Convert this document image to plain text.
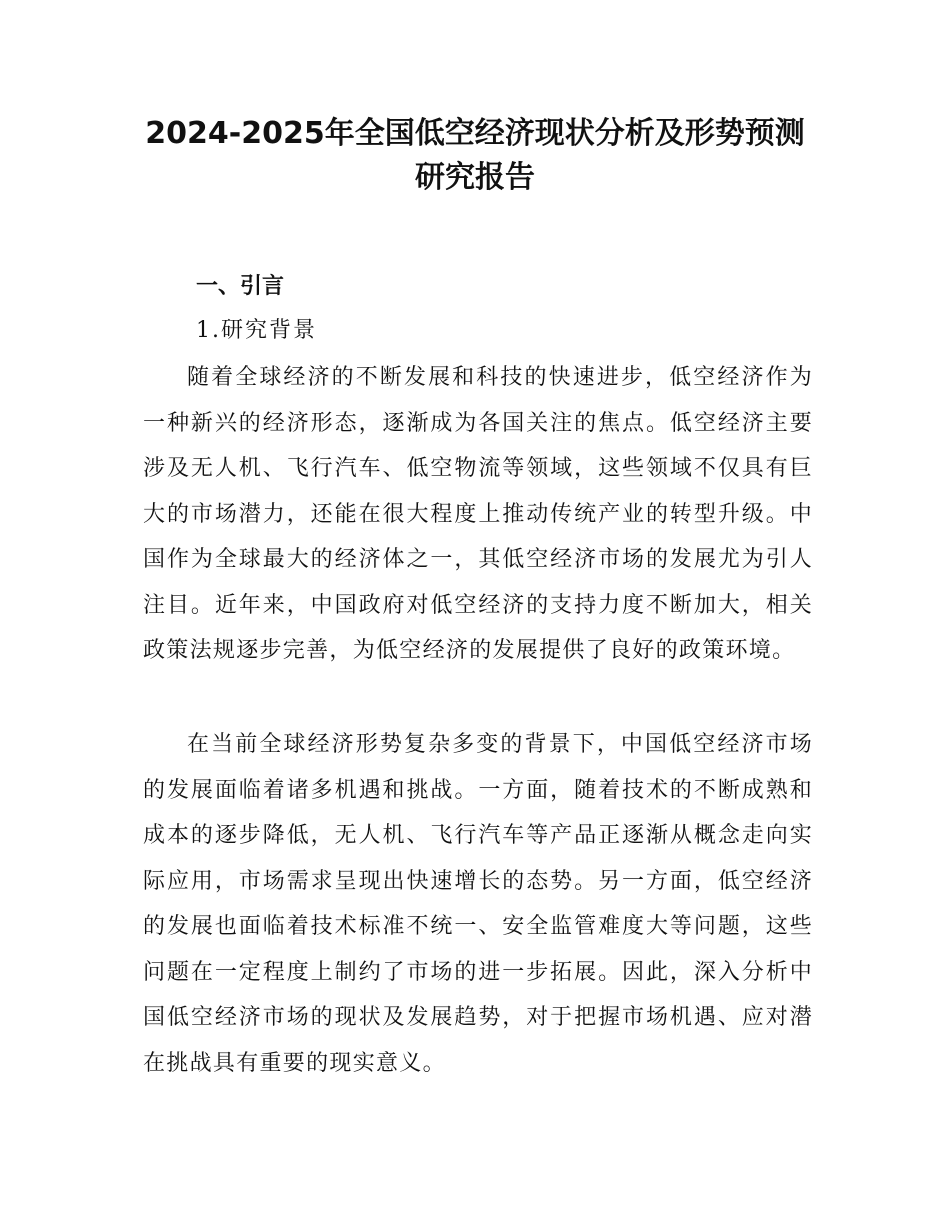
2024-2025年全国低空经济现状分析及形势预测
研究报告
一、引言
1.研究背景

随着全球经济的不断发展和科技的快速进步，低空经济作为一种新兴的经济形态，逐渐成为各国关注的焦点。低空经济主要涉及无人机、飞行汽车、低空物流等领域，这些领域不仅具有巨大的市场潜力，还能在很大程度上推动传统产业的转型升级。中国作为全球最大的经济体之一，其低空经济市场的发展尤为引人注目。近年来，中国政府对低空经济的支持力度不断加大，相关政策法规逐步完善，为低空经济的发展提供了良好的政策环境。

在当前全球经济形势复杂多变的背景下，中国低空经济市场的发展面临着诸多机遇和挑战。一方面，随着技术的不断成熟和成本的逐步降低，无人机、飞行汽车等产品正逐渐从概念走向实际应用，市场需求呈现出快速增长的态势。另一方面，低空经济的发展也面临着技术标准不统一、安全监管难度大等问题，这些问题在一定程度上制约了市场的进一步拓展。因此，深入分析中国低空经济市场的现状及发展趋势，对于把握市场机遇、应对潜在挑战具有重要的现实意义。
